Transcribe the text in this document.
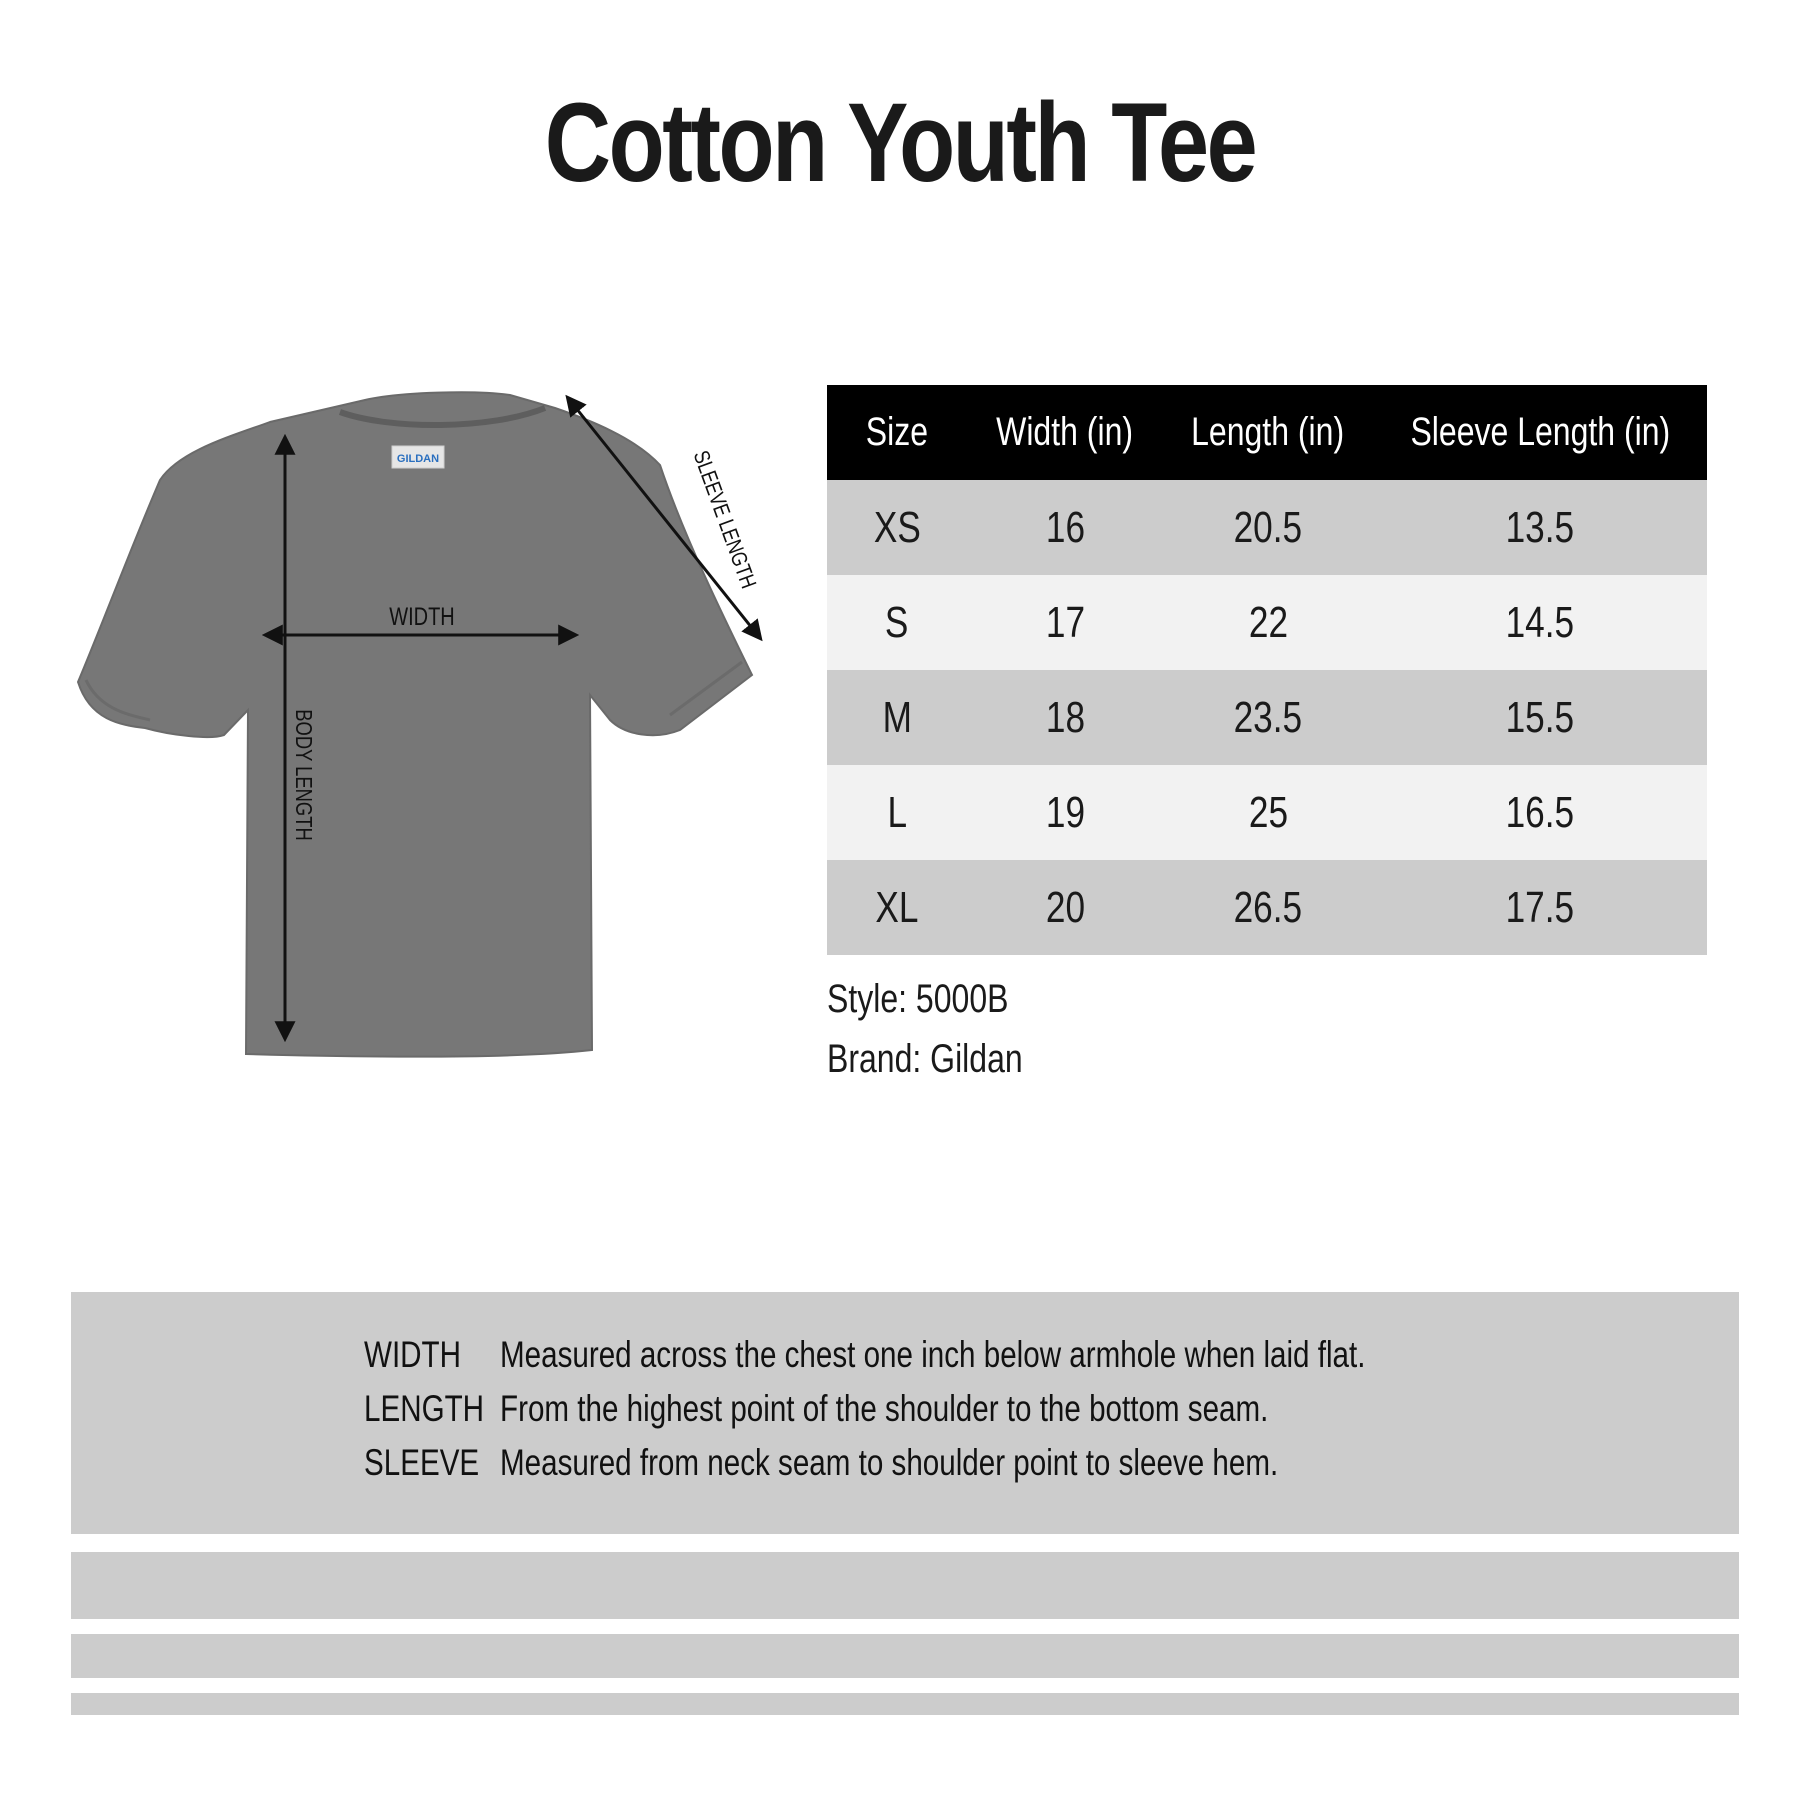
Cotton Youth Tee
GILDAN
WIDTH
BODY LENGTH
SLEEVE LENGTH
Size	Width (in)	Length (in)	Sleeve Length (in)
XS	16	20.5	13.5
S	17	22	14.5
M	18	23.5	15.5
L	19	25	16.5
XL	20	26.5	17.5
Style: 5000B
Brand: Gildan
WIDTH Measured across the chest one inch below armhole when laid flat.
LENGTH From the highest point of the shoulder to the bottom seam.
SLEEVE Measured from neck seam to shoulder point to sleeve hem.
